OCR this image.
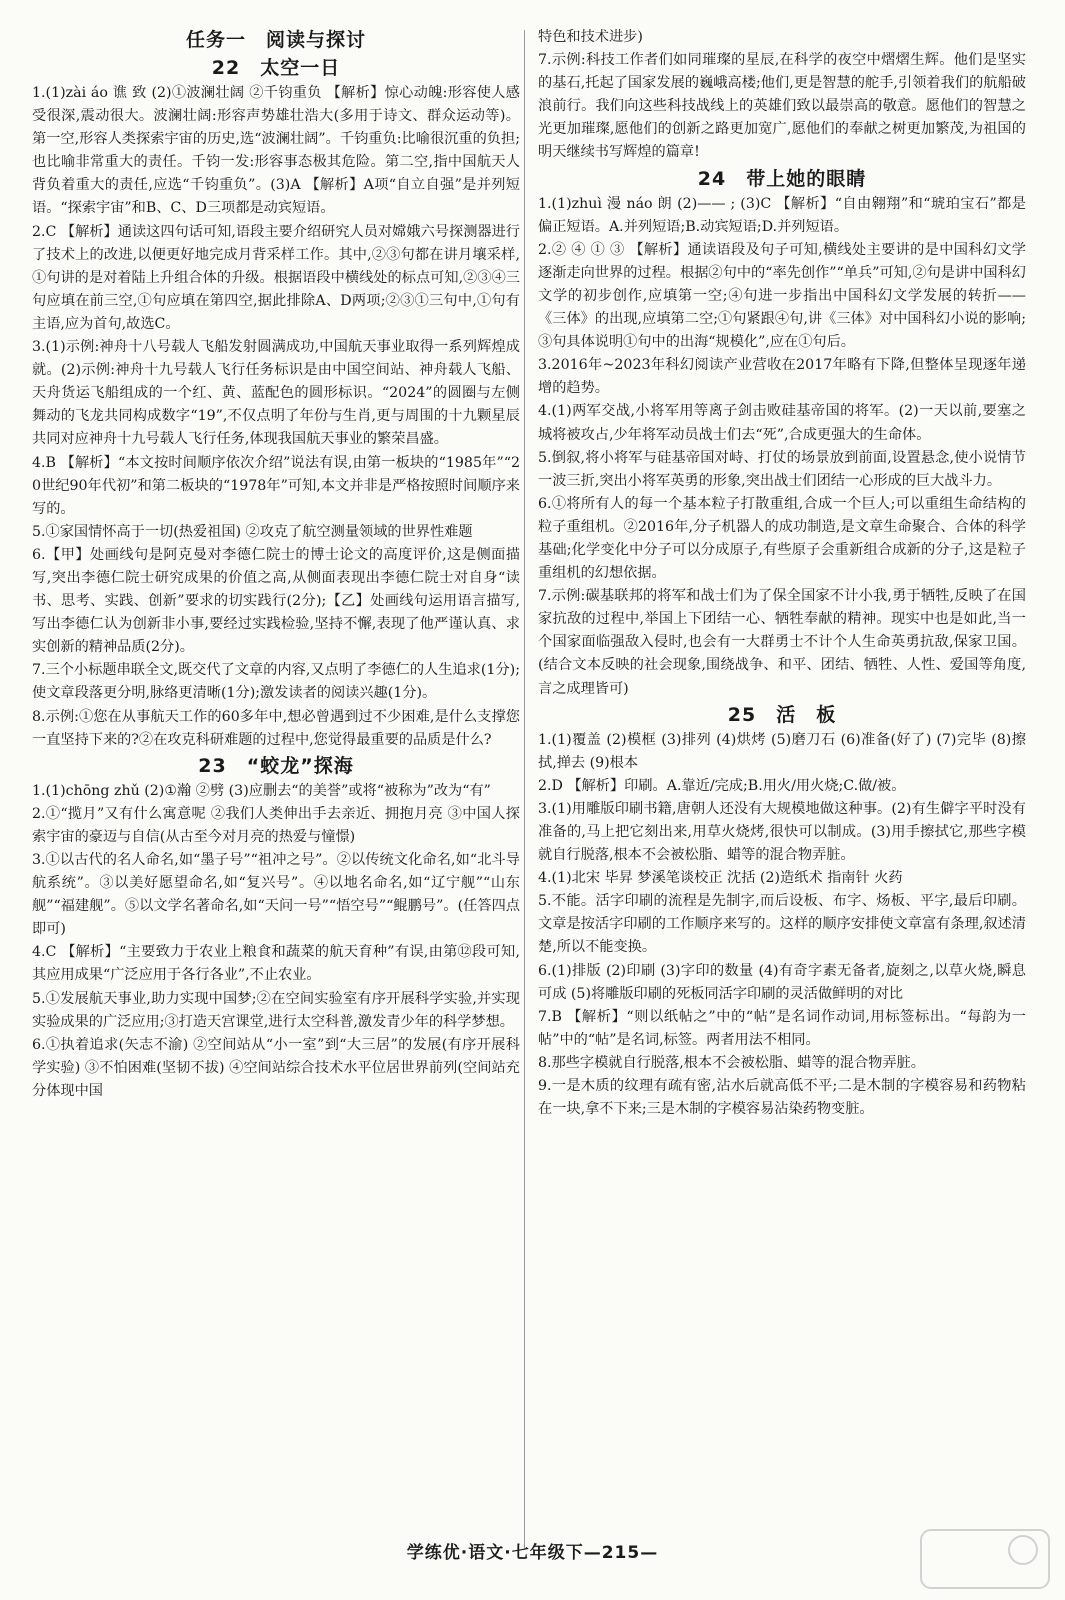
任务一　阅读与探讨
22　太空一日

1.(1)zài áo 谯 致 (2)①波澜壮阔 ②千钧重负 【解析】惊心动魄:形容使人感受很深,震动很大。波澜壮阔:形容声势雄壮浩大(多用于诗文、群众运动等)。第一空,形容人类探索宇宙的历史,选“波澜壮阔”。千钧重负:比喻很沉重的负担;也比喻非常重大的责任。千钧一发:形容事态极其危险。第二空,指中国航天人背负着重大的责任,应选“千钧重负”。(3)A 【解析】A项“自立自强”是并列短语。“探索宇宙”和B、C、D三项都是动宾短语。

2.C 【解析】通读这四句话可知,语段主要介绍研究人员对嫦娥六号探测器进行了技术上的改进,以便更好地完成月背采样工作。其中,②③句都在讲月壤采样,①句讲的是对着陆上升组合体的升级。根据语段中横线处的标点可知,②③④三句应填在前三空,①句应填在第四空,据此排除A、D两项;②③①三句中,①句有主语,应为首句,故选C。

3.(1)示例:神舟十八号载人飞船发射圆满成功,中国航天事业取得一系列辉煌成就。(2)示例:神舟十九号载人飞行任务标识是由中国空间站、神舟载人飞船、天舟货运飞船组成的一个红、黄、蓝配色的圆形标识。“2024”的圆圈与左侧舞动的飞龙共同构成数字“19”,不仅点明了年份与生肖,更与周围的十九颗星辰共同对应神舟十九号载人飞行任务,体现我国航天事业的繁荣昌盛。

4.B 【解析】“本文按时间顺序依次介绍”说法有误,由第一板块的“1985年”“20世纪90年代初”和第二板块的“1978年”可知,本文并非是严格按照时间顺序来写的。

5.①家国情怀高于一切(热爱祖国) ②攻克了航空测量领域的世界性难题

6.【甲】处画线句是阿克曼对李德仁院士的博士论文的高度评价,这是侧面描写,突出李德仁院士研究成果的价值之高,从侧面表现出李德仁院士对自身“读书、思考、实践、创新”要求的切实践行(2分);【乙】处画线句运用语言描写,写出李德仁认为创新非小事,要经过实践检验,坚持不懈,表现了他严谨认真、求实创新的精神品质(2分)。

7.三个小标题串联全文,既交代了文章的内容,又点明了李德仁的人生追求(1分);使文章段落更分明,脉络更清晰(1分);激发读者的阅读兴趣(1分)。

8.示例:①您在从事航天工作的60多年中,想必曾遇到过不少困难,是什么支撑您一直坚持下来的?②在攻克科研难题的过程中,您觉得最重要的品质是什么?

23　“蛟龙”探海

1.(1)chōng zhǔ (2)①瀚 ②劈 (3)应删去“的美誉”或将“被称为”改为“有”

2.①“揽月”又有什么寓意呢 ②我们人类伸出手去亲近、拥抱月亮 ③中国人探索宇宙的豪迈与自信(从古至今对月亮的热爱与憧憬)

3.①以古代的名人命名,如“墨子号”“祖冲之号”。②以传统文化命名,如“北斗导航系统”。③以美好愿望命名,如“复兴号”。④以地名命名,如“辽宁舰”“山东舰”“福建舰”。⑤以文学名著命名,如“天问一号”“悟空号”“鲲鹏号”。(任答四点即可)

4.C 【解析】“主要致力于农业上粮食和蔬菜的航天育种”有误,由第⑫段可知,其应用成果“广泛应用于各行各业”,不止农业。

5.①发展航天事业,助力实现中国梦;②在空间实验室有序开展科学实验,并实现实验成果的广泛应用;③打造天宫课堂,进行太空科普,激发青少年的科学梦想。

6.①执着追求(矢志不渝) ②空间站从“小一室”到“大三居”的发展(有序开展科学实验) ③不怕困难(坚韧不拔) ④空间站综合技术水平位居世界前列(空间站充分体现中国

特色和技术进步)

7.示例:科技工作者们如同璀璨的星辰,在科学的夜空中熠熠生辉。他们是坚实的基石,托起了国家发展的巍峨高楼;他们,更是智慧的舵手,引领着我们的航船破浪前行。我们向这些科技战线上的英雄们致以最崇高的敬意。愿他们的智慧之光更加璀璨,愿他们的创新之路更加宽广,愿他们的奉献之树更加繁茂,为祖国的明天继续书写辉煌的篇章!

24　带上她的眼睛

1.(1)zhuì 漫 náo 朗 (2)—— ; (3)C 【解析】“自由翱翔”和“琥珀宝石”都是偏正短语。A.并列短语;B.动宾短语;D.并列短语。

2.② ④ ① ③ 【解析】通读语段及句子可知,横线处主要讲的是中国科幻文学逐渐走向世界的过程。根据②句中的“率先创作”“单兵”可知,②句是讲中国科幻文学的初步创作,应填第一空;④句进一步指出中国科幻文学发展的转折——《三体》的出现,应填第二空;①句紧跟④句,讲《三体》对中国科幻小说的影响;③句具体说明①句中的出海“规模化”,应在①句后。

3.2016年~2023年科幻阅读产业营收在2017年略有下降,但整体呈现逐年递增的趋势。

4.(1)两军交战,小将军用等离子剑击败硅基帝国的将军。(2)一天以前,要塞之城将被攻占,少年将军动员战士们去“死”,合成更强大的生命体。

5.倒叙,将小将军与硅基帝国对峙、打仗的场景放到前面,设置悬念,使小说情节一波三折,突出小将军英勇的形象,突出战士们团结一心形成的巨大战斗力。

6.①将所有人的每一个基本粒子打散重组,合成一个巨人;可以重组生命结构的粒子重组机。②2016年,分子机器人的成功制造,是文章生命聚合、合体的科学基础;化学变化中分子可以分成原子,有些原子会重新组合成新的分子,这是粒子重组机的幻想依据。

7.示例:碳基联邦的将军和战士们为了保全国家不计小我,勇于牺牲,反映了在国家抗敌的过程中,举国上下团结一心、牺牲奉献的精神。现实中也是如此,当一个国家面临强敌入侵时,也会有一大群勇士不计个人生命英勇抗敌,保家卫国。(结合文本反映的社会现象,围绕战争、和平、团结、牺牲、人性、爱国等角度,言之成理皆可)

25　活　板

1.(1)覆盖 (2)模框 (3)排列 (4)烘烤 (5)磨刀石 (6)准备(好了) (7)完毕 (8)擦拭,掸去 (9)根本

2.D 【解析】印刷。A.靠近/完成;B.用火/用火烧;C.做/被。

3.(1)用雕版印刷书籍,唐朝人还没有大规模地做这种事。(2)有生僻字平时没有准备的,马上把它刻出来,用草火烧烤,很快可以制成。(3)用手擦拭它,那些字模就自行脱落,根本不会被松脂、蜡等的混合物弄脏。

4.(1)北宋 毕昇 梦溪笔谈校正 沈括 (2)造纸术 指南针 火药

5.不能。活字印刷的流程是先制字,而后设板、布字、炀板、平字,最后印刷。文章是按活字印刷的工作顺序来写的。这样的顺序安排使文章富有条理,叙述清楚,所以不能变换。

6.(1)排版 (2)印刷 (3)字印的数量 (4)有奇字素无备者,旋刻之,以草火烧,瞬息可成 (5)将雕版印刷的死板同活字印刷的灵活做鲜明的对比

7.B 【解析】“则以纸帖之”中的“帖”是名词作动词,用标签标出。“每韵为一帖”中的“帖”是名词,标签。两者用法不相同。

8.那些字模就自行脱落,根本不会被松脂、蜡等的混合物弄脏。

9.一是木质的纹理有疏有密,沾水后就高低不平;二是木制的字模容易和药物粘在一块,拿不下来;三是木制的字模容易沾染药物变脏。

学练优·语文·七年级下—215—
